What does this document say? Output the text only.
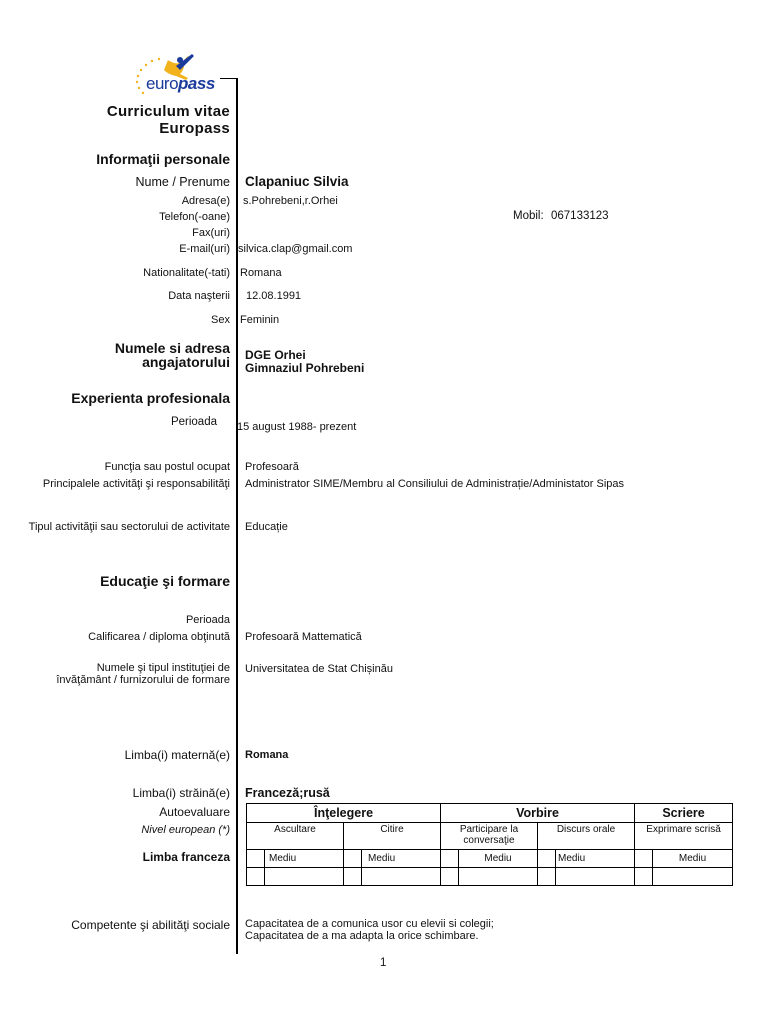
europass
Curriculum vitae
Europass
Informaţii personale
Nume / Prenume Clapaniuc Silvia
Adresa(e) s.Pohrebeni,r.Orhei
Telefon(-oane)	Mobil: 067133123
Fax(uri)
E-mail(uri) silvica.clap@gmail.com
Nationalitate(-tati) Romana
Data naşterii 12.08.1991
Sex Feminin
Numele si adresa
angajatorului DGE Orhei
Gimnaziul Pohrebeni
Experienta profesionala
Perioada 15 august 1988- prezent
Funcţia sau postul ocupat Profesoară
Principalele activităţi şi responsabilităţi Administrator SIME/Membru al Consiliului de Administrație/Administator Sipas
Tipul activităţii sau sectorului de activitate Educație
Educaţie şi formare
Perioada
Calificarea / diploma obţinută Profesoară Mattematică
Numele şi tipul instituţiei de
învăţământ / furnizorului de formare
Universitatea de Stat Chișinău
Limba(i) maternă(e) Romana
Limba(i) străină(e) Franceză;rusă
Autoevaluare
Nivel european (*)
Limba franceza
Înţelegere				Vorbire				Scriere	
Ascultare		Citire		Participare la conversaţie		Discurs orale		Exprimare scrisă	
	Mediu		Mediu		Mediu		Mediu		Mediu

Competente şi abilităţi sociale Capacitatea de a comunica usor cu elevii si colegii;
Capacitatea de a ma adapta la orice schimbare.
1
